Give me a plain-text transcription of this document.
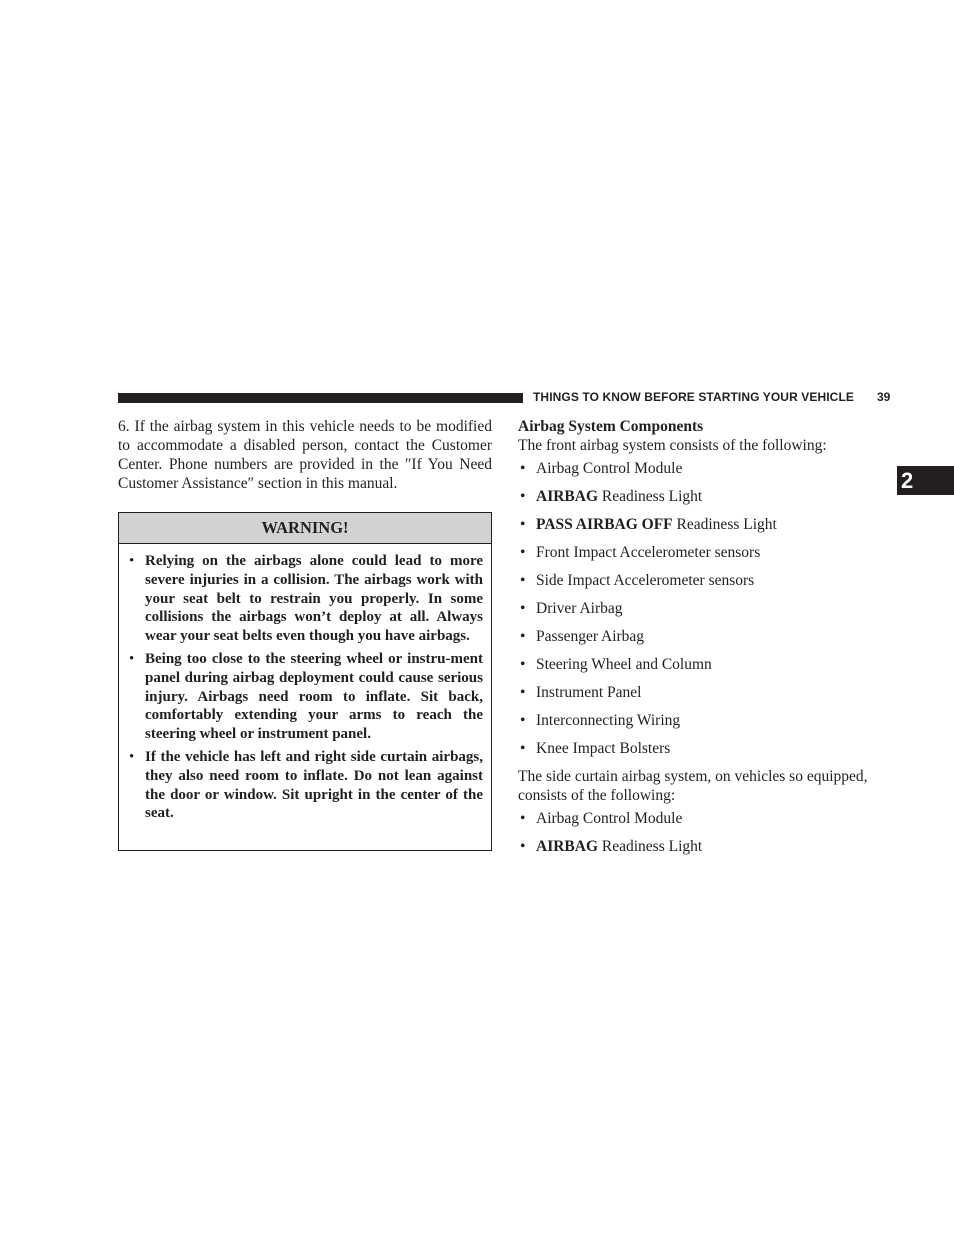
THINGS TO KNOW BEFORE STARTING YOUR VEHICLE 39
2

6. If the airbag system in this vehicle needs to be modified to accommodate a disabled person, contact the Customer Center. Phone numbers are provided in the ″If You Need Customer Assistance″ section in this manual.

WARNING!
• Relying on the airbags alone could lead to more severe injuries in a collision. The airbags work with your seat belt to restrain you properly. In some collisions the airbags won’t deploy at all. Always wear your seat belts even though you have airbags.
• Being too close to the steering wheel or instru-ment panel during airbag deployment could cause serious injury. Airbags need room to inflate. Sit back, comfortably extending your arms to reach the steering wheel or instrument panel.
• If the vehicle has left and right side curtain airbags, they also need room to inflate. Do not lean against the door or window. Sit upright in the center of the seat.

Airbag System Components

The front airbag system consists of the following:

• Airbag Control Module
• AIRBAG Readiness Light
• PASS AIRBAG OFF Readiness Light
• Front Impact Accelerometer sensors
• Side Impact Accelerometer sensors
• Driver Airbag
• Passenger Airbag
• Steering Wheel and Column
• Instrument Panel
• Interconnecting Wiring
• Knee Impact Bolsters

The side curtain airbag system, on vehicles so equipped, consists of the following:

• Airbag Control Module
• AIRBAG Readiness Light
